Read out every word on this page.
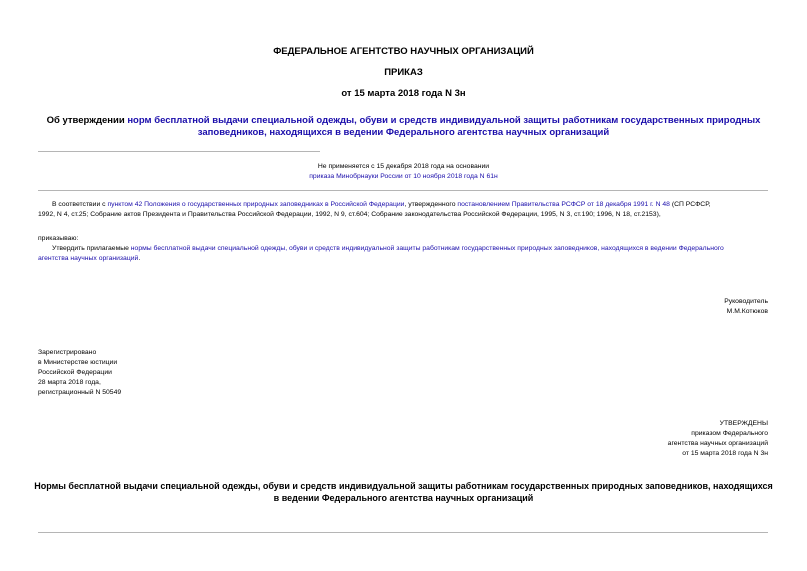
ФЕДЕРАЛЬНОЕ АГЕНТСТВО НАУЧНЫХ ОРГАНИЗАЦИЙ
ПРИКАЗ
от 15 марта 2018 года N 3н
Об утверждении норм бесплатной выдачи специальной одежды, обуви и средств индивидуальной защиты работникам государственных природных
заповедников, находящихся в ведении Федерального агентства научных организаций
Не применяется с 15 декабря 2018 года на основании
приказа Минобрнауки России от 10 ноября 2018 года N 61н
В соответствии с пунктом 42 Положения о государственных природных заповедниках в Российской Федерации, утвержденного постановлением Правительства РСФСР от 18 декабря 1991 г. N 48 (СП РСФСР,
1992, N 4, ст.25; Собрание актов Президента и Правительства Российской Федерации, 1992, N 9, ст.604; Собрание законодательства Российской Федерации, 1995, N 3, ст.190; 1996, N 18, ст.2153),
приказываю:
Утвердить прилагаемые нормы бесплатной выдачи специальной одежды, обуви и средств индивидуальной защиты работникам государственных природных заповедников, находящихся в ведении Федерального
агентства научных организаций.
Руководитель
М.М.Котюков
Зарегистрировано
в Министерстве юстиции
Российской Федерации
28 марта 2018 года,
регистрационный N 50549
УТВЕРЖДЕНЫ
приказом Федерального
агентства научных организаций
от 15 марта 2018 года N 3н
Нормы бесплатной выдачи специальной одежды, обуви и средств индивидуальной защиты работникам государственных природных заповедников, находящихся
в ведении Федерального агентства научных организаций
